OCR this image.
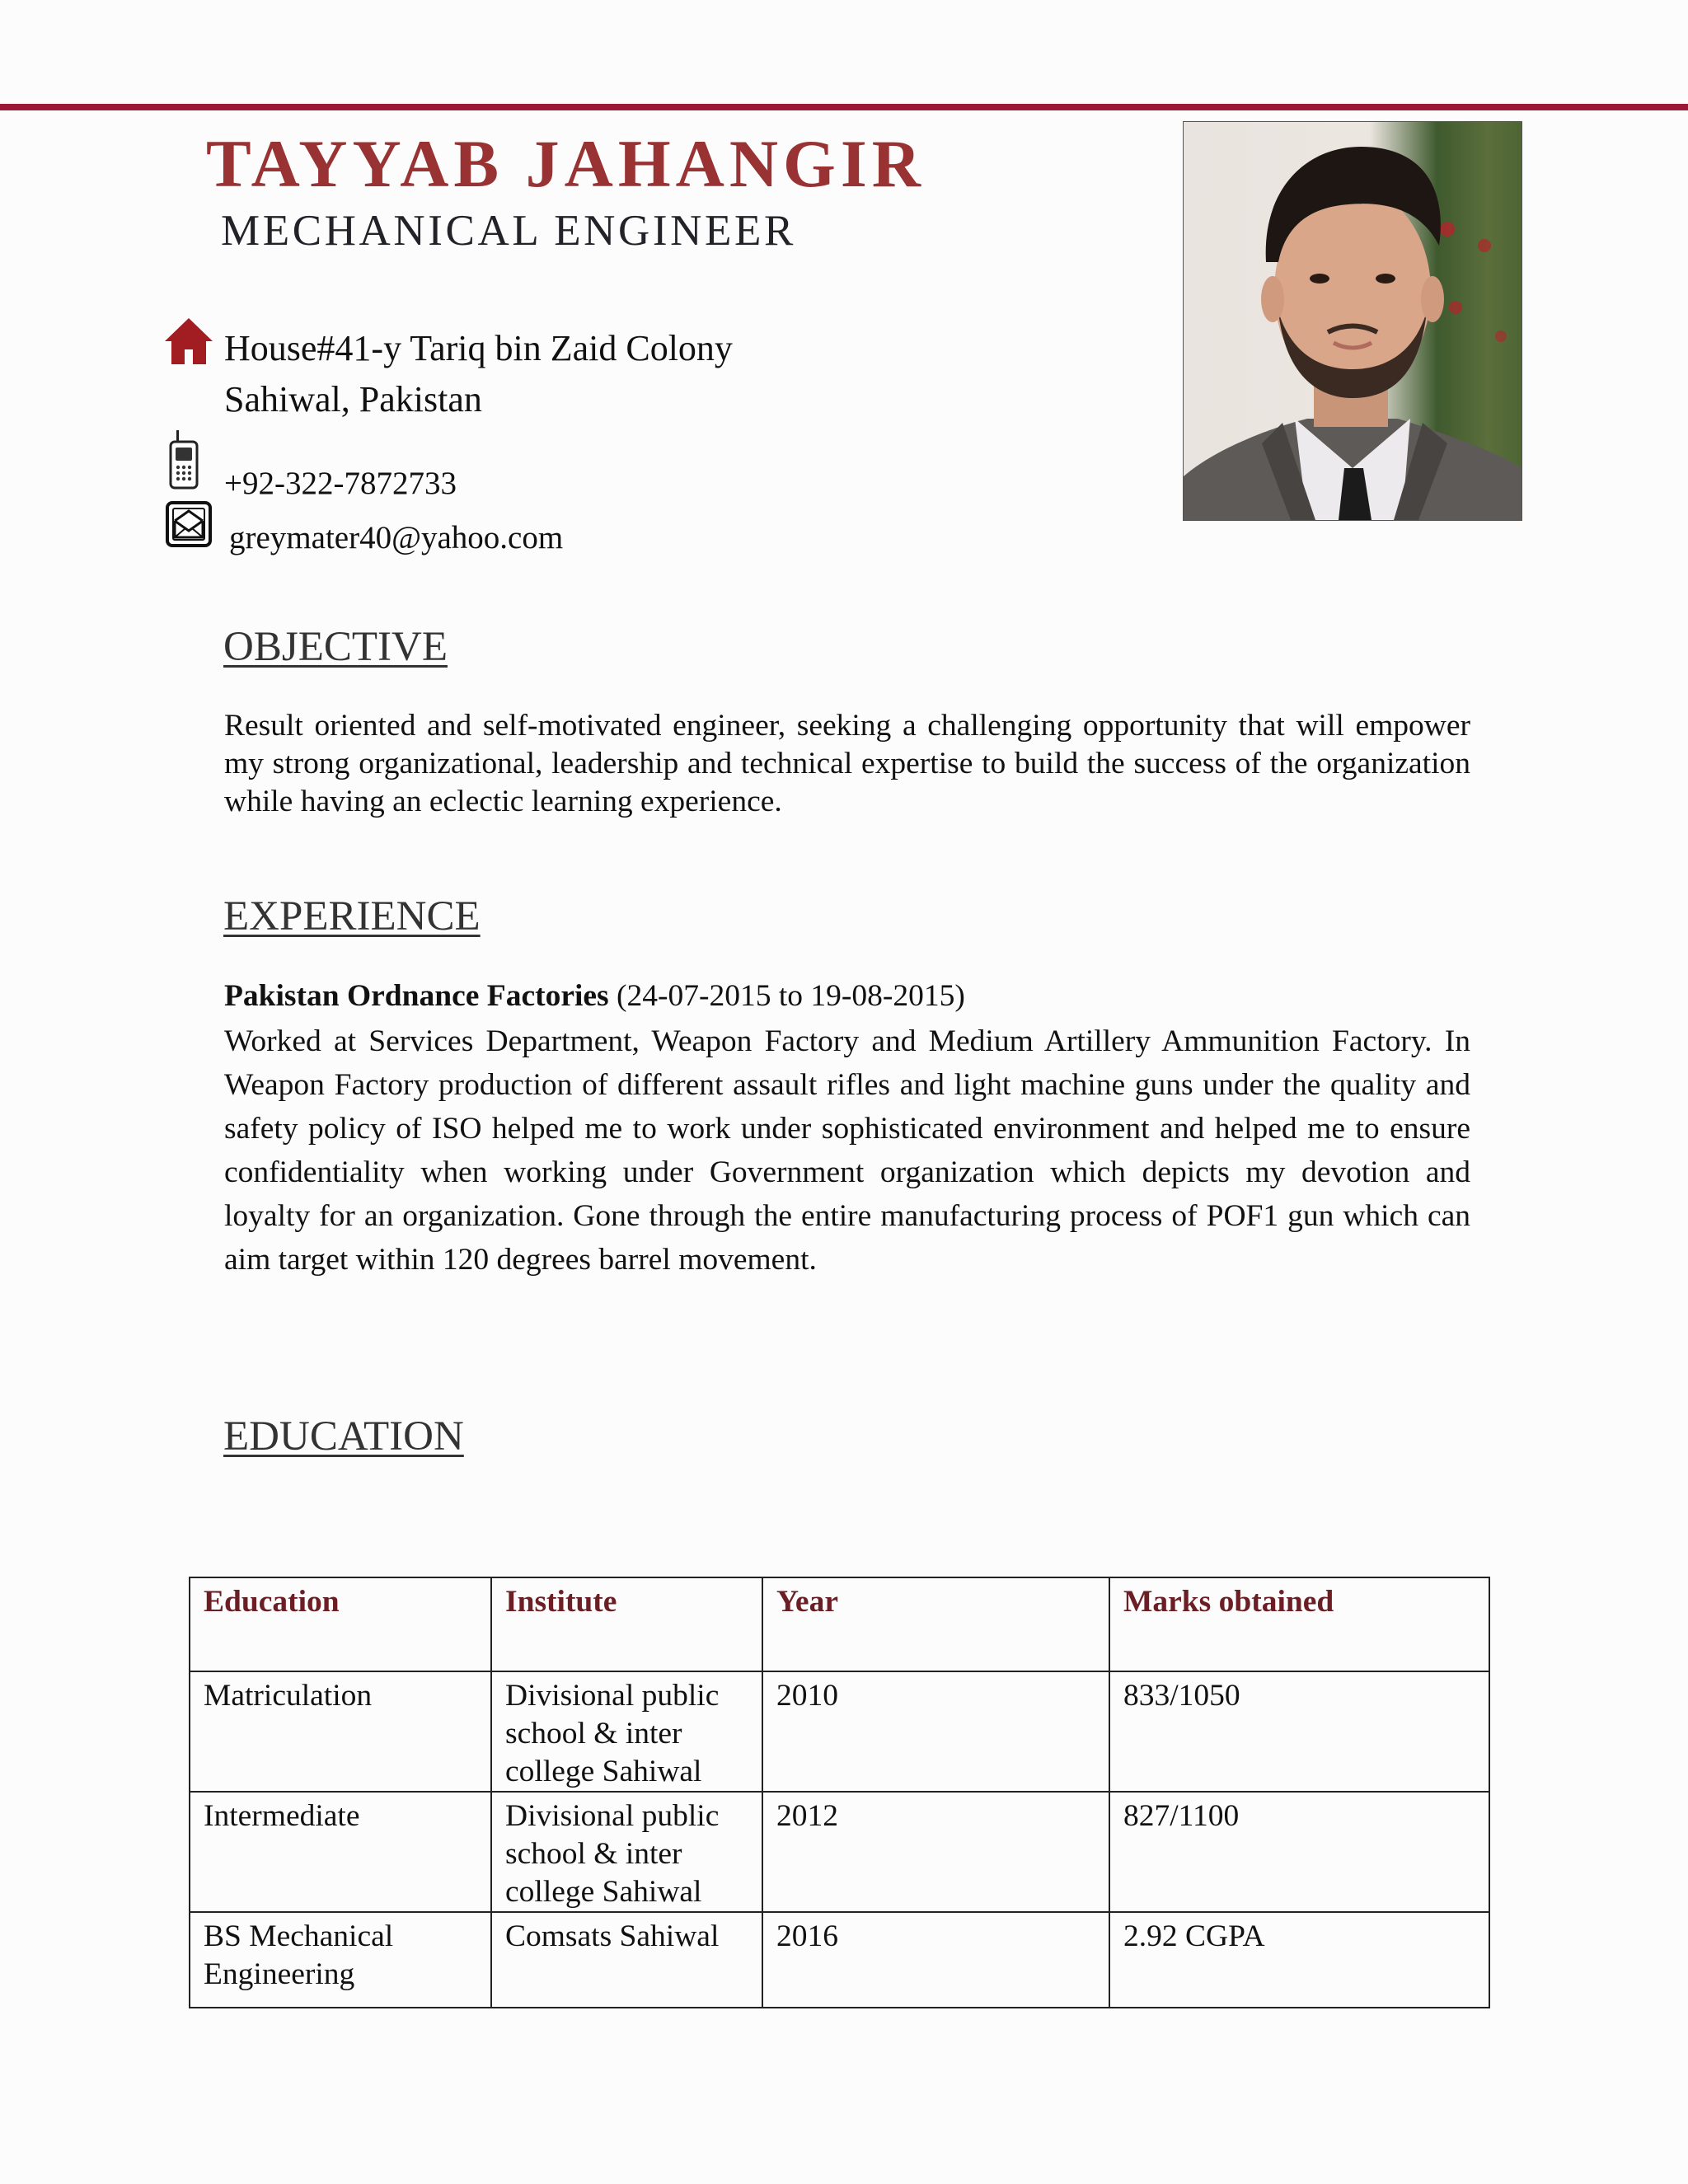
TAYYAB JAHANGIR
MECHANICAL ENGINEER
House#41-y Tariq bin Zaid Colony
Sahiwal, Pakistan
+92-322-7872733
greymater40@yahoo.com
OBJECTIVE
Result oriented and self-motivated engineer, seeking a challenging opportunity that will empower my strong organizational, leadership and technical expertise to build the success of the organization while having an eclectic learning experience.
EXPERIENCE
Pakistan Ordnance Factories (24-07-2015 to 19-08-2015)
Worked at Services Department, Weapon Factory and Medium Artillery Ammunition Factory. In Weapon Factory production of different assault rifles and light machine guns under the quality and safety policy of ISO helped me to work under sophisticated environment and helped me to ensure confidentiality when working under Government organization which depicts my devotion and loyalty for an organization. Gone through the entire manufacturing process of POF1 gun which can aim target within 120 degrees barrel movement.
EDUCATION
Education	Institute	Year	Marks obtained
Matriculation	Divisional public school & inter college Sahiwal	2010	833/1050
Intermediate	Divisional public school & inter college Sahiwal	2012	827/1100
BS Mechanical Engineering	Comsats Sahiwal	2016	2.92 CGPA
